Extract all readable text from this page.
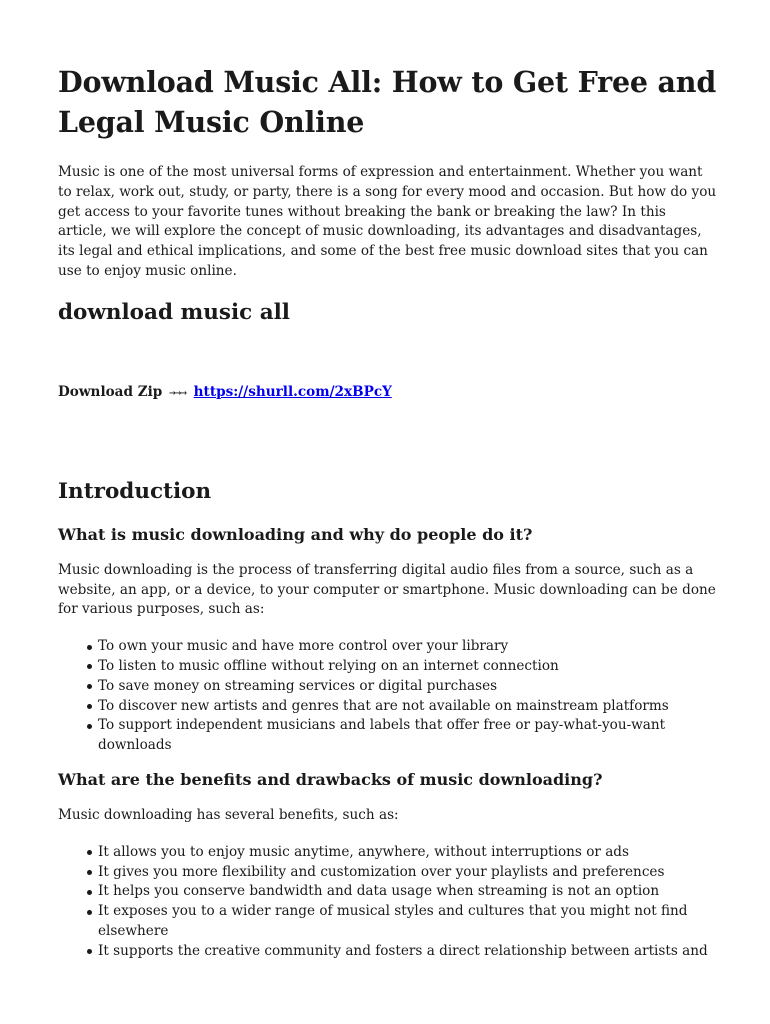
Download Music All: How to Get Free and Legal Music Online

Music is one of the most universal forms of expression and entertainment. Whether you want to relax, work out, study, or party, there is a song for every mood and occasion. But how do you get access to your favorite tunes without breaking the bank or breaking the law? In this article, we will explore the concept of music downloading, its advantages and disadvantages, its legal and ethical implications, and some of the best free music download sites that you can use to enjoy music online.

download music all
Download Zip →→→ https://shurll.com/2xBPcY
Introduction
What is music downloading and why do people do it?

Music downloading is the process of transferring digital audio files from a source, such as a website, an app, or a device, to your computer or smartphone. Music downloading can be done for various purposes, such as:

To own your music and have more control over your library
To listen to music offline without relying on an internet connection
To save money on streaming services or digital purchases
To discover new artists and genres that are not available on mainstream platforms
To support independent musicians and labels that offer free or pay-what-you-want downloads
What are the benefits and drawbacks of music downloading?

Music downloading has several benefits, such as:

It allows you to enjoy music anytime, anywhere, without interruptions or ads
It gives you more flexibility and customization over your playlists and preferences
It helps you conserve bandwidth and data usage when streaming is not an option
It exposes you to a wider range of musical styles and cultures that you might not find elsewhere
It supports the creative community and fosters a direct relationship between artists and
